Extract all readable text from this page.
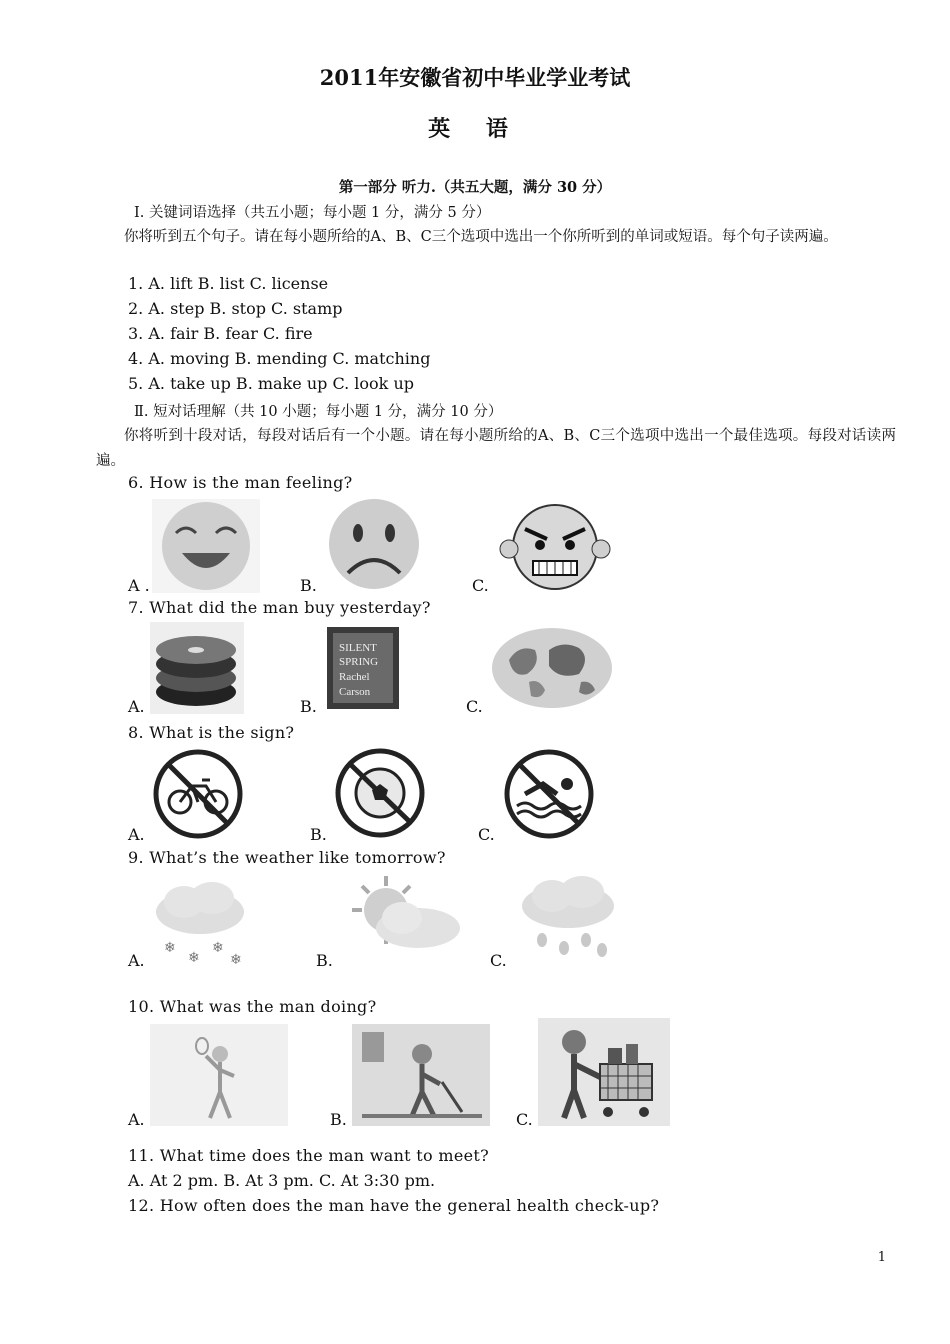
2011年安徽省初中毕业学业考试
英 语
第一部分 听力.（共五大题，满分 30 分）
Ⅰ. 关键词语选择（共五小题；每小题 1 分，满分 5 分）
你将听到五个句子。请在每小题所给的A、B、C三个选项中选出一个你所听到的单词或短语。每个句子读两遍。
1. A. lift B. list C. license
2. A. step B. stop C. stamp
3. A. fair B. fear C. fire
4. A. moving B. mending C. matching
5. A. take up B. make up C. look up
Ⅱ. 短对话理解（共 10 小题；每小题 1 分，满分 10 分）
你将听到十段对话，每段对话后有一个小题。请在每小题所给的A、B、C三个选项中选出一个最佳选项。每段对话读两遍。
6. How is the man feeling?
A .	B.	C.
7. What did the man buy yesterday?
A.
SILENT
SPRING
Rachel
Carson
B.	C.
8. What is the sign?
A.	B.	C.
9. What’s the weather like tomorrow?
❄
❄
❄
❄
A.	B.	C.
10. What was the man doing?
A.	B.	C.
11. What time does the man want to meet?
A. At 2 pm. B. At 3 pm. C. At 3:30 pm.
12. How often does the man have the general health check-up?
1
